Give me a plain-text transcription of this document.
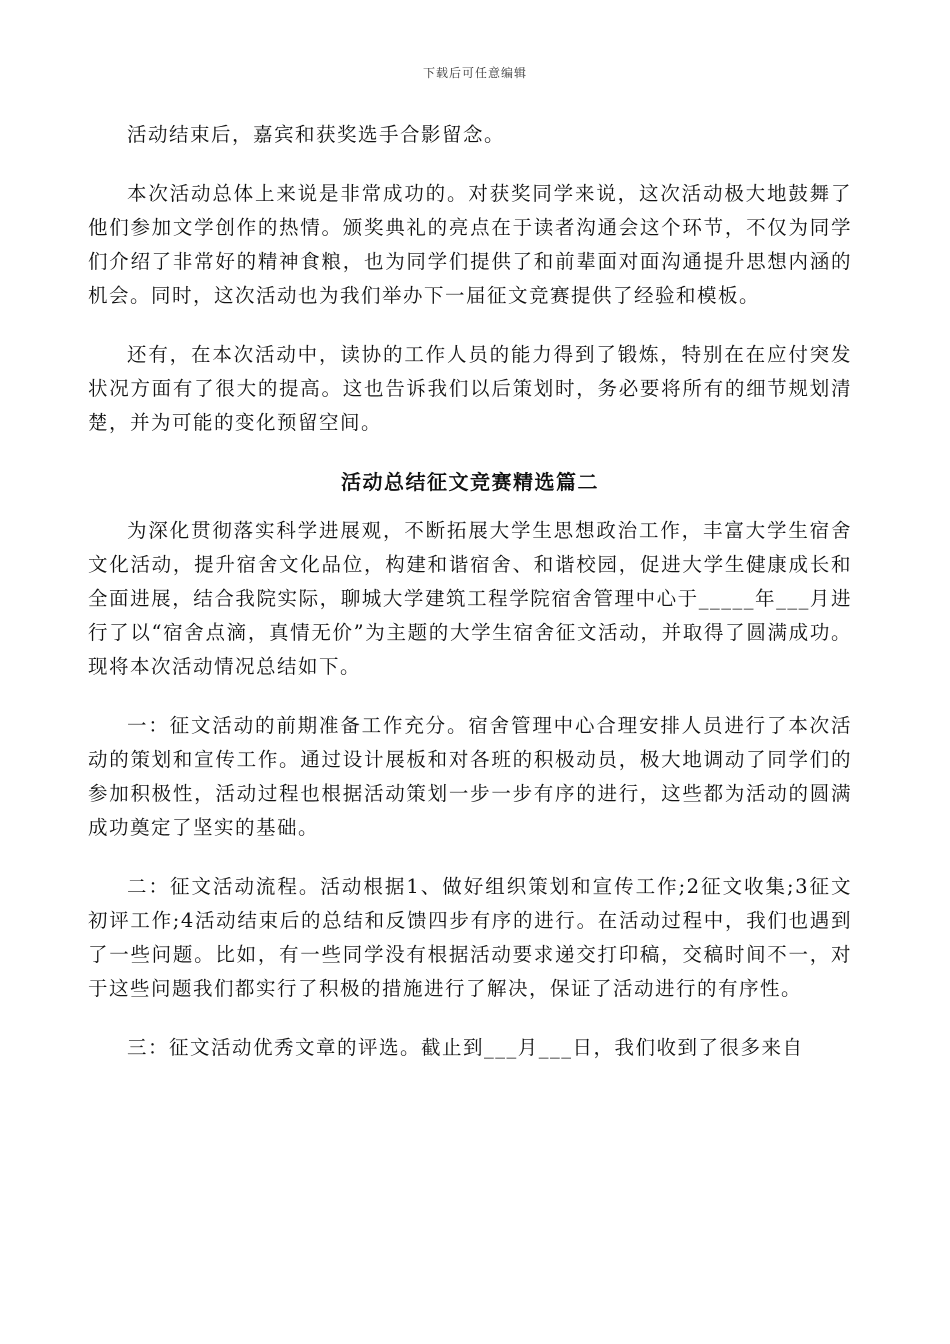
下载后可任意编辑

活动结束后，嘉宾和获奖选手合影留念。

本次活动总体上来说是非常成功的。对获奖同学来说，这次活动极大地鼓舞了他们参加文学创作的热情。颁奖典礼的亮点在于读者沟通会这个环节，不仅为同学们介绍了非常好的精神食粮，也为同学们提供了和前辈面对面沟通提升思想内涵的机会。同时，这次活动也为我们举办下一届征文竞赛提供了经验和模板。

还有，在本次活动中，读协的工作人员的能力得到了锻炼，特别在在应付突发状况方面有了很大的提高。这也告诉我们以后策划时，务必要将所有的细节规划清楚，并为可能的变化预留空间。

活动总结征文竞赛精选篇二

为深化贯彻落实科学进展观，不断拓展大学生思想政治工作，丰富大学生宿舍文化活动，提升宿舍文化品位，构建和谐宿舍、和谐校园，促进大学生健康成长和全面进展，结合我院实际，聊城大学建筑工程学院宿舍管理中心于_____年___月进行了以“宿舍点滴，真情无价”为主题的大学生宿舍征文活动，并取得了圆满成功。现将本次活动情况总结如下。

一：征文活动的前期准备工作充分。宿舍管理中心合理安排人员进行了本次活动的策划和宣传工作。通过设计展板和对各班的积极动员，极大地调动了同学们的参加积极性，活动过程也根据活动策划一步一步有序的进行，这些都为活动的圆满成功奠定了坚实的基础。

二：征文活动流程。活动根据1、做好组织策划和宣传工作;2征文收集;3征文初评工作;4活动结束后的总结和反馈四步有序的进行。在活动过程中，我们也遇到了一些问题。比如，有一些同学没有根据活动要求递交打印稿，交稿时间不一，对于这些问题我们都实行了积极的措施进行了解决，保证了活动进行的有序性。

三：征文活动优秀文章的评选。截止到___月___日，我们收到了很多来自
